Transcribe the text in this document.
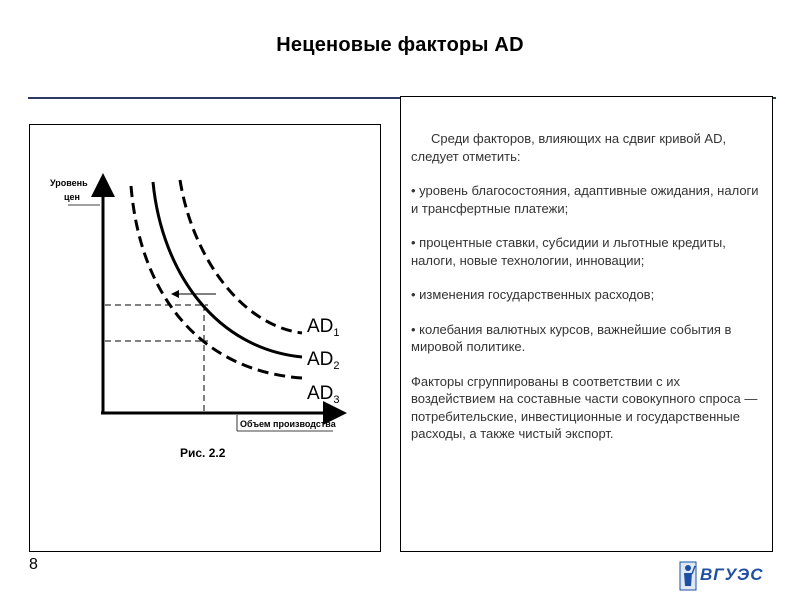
Неценовые факторы AD
Уровень
цен
Объем производства
$AD_1$
$AD_2$
$AD_3$
Рис. 2.2

Среди факторов, влияющих на сдвиг кривой AD, следует отметить:

• уровень благосостояния, адаптивные ожидания, налоги и трансфертные платежи;

• процентные ставки, субсидии и льготные кредиты, налоги, новые технологии, инновации;

• изменения государственных расходов;

• колебания валютных курсов, важнейшие события в мировой политике.

Факторы сгруппированы в соответствии с их воздействием на составные части совокупного спроса — потребительские, инвестиционные и государственные расходы, а также чистый экспорт.

8
ВГУЭС
